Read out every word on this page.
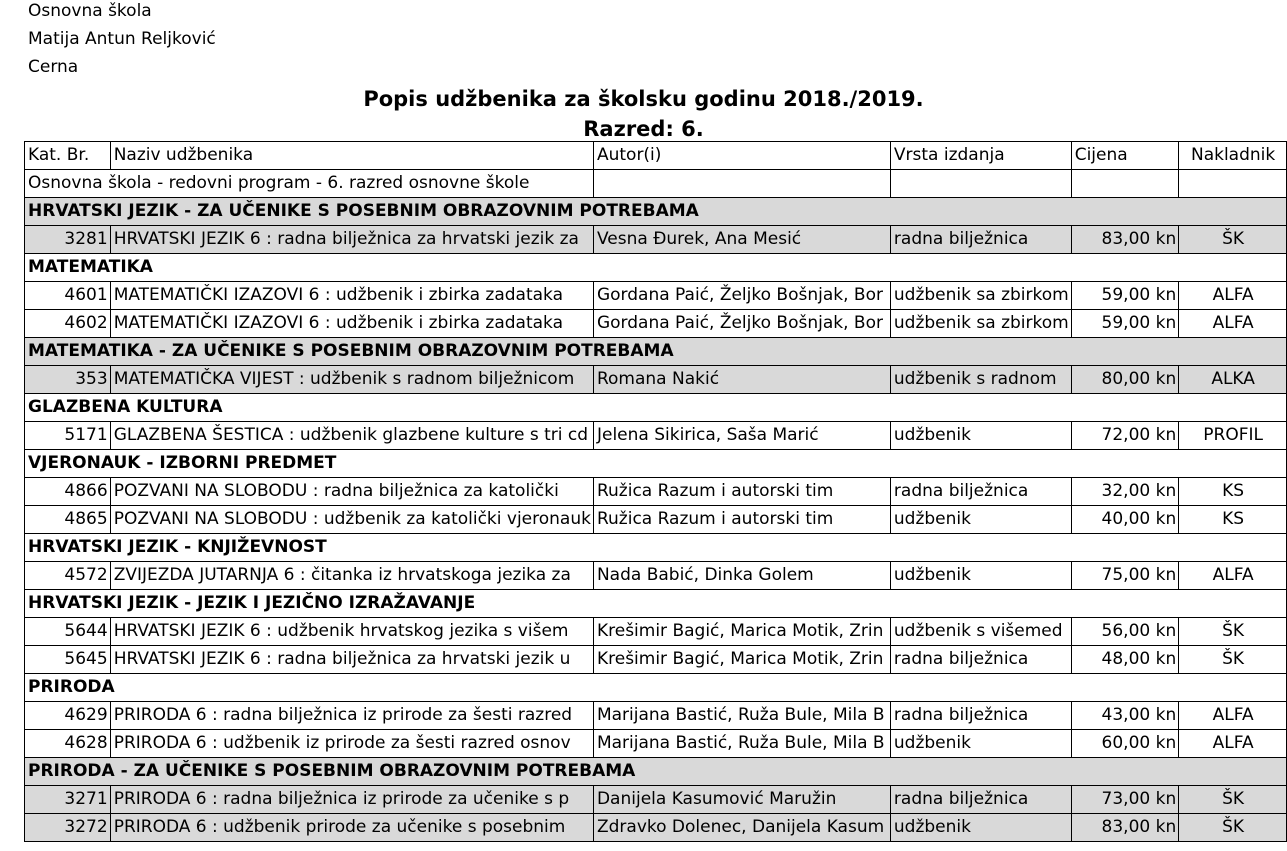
Osnovna škola
Matija Antun Reljković
Cerna
Popis udžbenika za školsku godinu 2018./2019.
Razred: 6.
Kat. Br.	Naziv udžbenika	Autor(i)	Vrsta izdanja	Cijena	Nakladnik
Osnovna škola - redovni program - 6. razred osnovne škole					
HRVATSKI JEZIK - ZA UČENIKE S POSEBNIM OBRAZOVNIM POTREBAMA					
3281	HRVATSKI JEZIK 6 : radna bilježnica za hrvatski jezik za	Vesna Đurek, Ana Mesić	radna bilježnica	83,00 kn	ŠK
MATEMATIKA					
4601	MATEMATIČKI IZAZOVI 6 : udžbenik i zbirka zadataka	Gordana Paić, Željko Bošnjak, Bor	udžbenik sa zbirkom	59,00 kn	ALFA
4602	MATEMATIČKI IZAZOVI 6 : udžbenik i zbirka zadataka	Gordana Paić, Željko Bošnjak, Bor	udžbenik sa zbirkom	59,00 kn	ALFA
MATEMATIKA - ZA UČENIKE S POSEBNIM OBRAZOVNIM POTREBAMA					
353	MATEMATIČKA VIJEST : udžbenik s radnom bilježnicom	Romana Nakić	udžbenik s radnom	80,00 kn	ALKA
GLAZBENA KULTURA					
5171	GLAZBENA ŠESTICA : udžbenik glazbene kulture s tri cd	Jelena Sikirica, Saša Marić	udžbenik	72,00 kn	PROFIL
VJERONAUK - IZBORNI PREDMET					
4866	POZVANI NA SLOBODU : radna bilježnica za katolički	Ružica Razum i autorski tim	radna bilježnica	32,00 kn	KS
4865	POZVANI NA SLOBODU : udžbenik za katolički vjeronauk	Ružica Razum i autorski tim	udžbenik	40,00 kn	KS
HRVATSKI JEZIK - KNJIŽEVNOST					
4572	ZVIJEZDA JUTARNJA 6 : čitanka iz hrvatskoga jezika za	Nada Babić, Dinka Golem	udžbenik	75,00 kn	ALFA
HRVATSKI JEZIK - JEZIK I JEZIČNO IZRAŽAVANJE					
5644	HRVATSKI JEZIK 6 : udžbenik hrvatskog jezika s višem	Krešimir Bagić, Marica Motik, Zrin	udžbenik s višemed	56,00 kn	ŠK
5645	HRVATSKI JEZIK 6 : radna bilježnica za hrvatski jezik u	Krešimir Bagić, Marica Motik, Zrin	radna bilježnica	48,00 kn	ŠK
PRIRODA					
4629	PRIRODA 6 : radna bilježnica iz prirode za šesti razred	Marijana Bastić, Ruža Bule, Mila B	radna bilježnica	43,00 kn	ALFA
4628	PRIRODA 6 : udžbenik iz prirode za šesti razred osnov	Marijana Bastić, Ruža Bule, Mila B	udžbenik	60,00 kn	ALFA
PRIRODA - ZA UČENIKE S POSEBNIM OBRAZOVNIM POTREBAMA					
3271	PRIRODA 6 : radna bilježnica iz prirode za učenike s p	Danijela Kasumović Maružin	radna bilježnica	73,00 kn	ŠK
3272	PRIRODA 6 : udžbenik prirode za učenike s posebnim	Zdravko Dolenec, Danijela Kasum	udžbenik	83,00 kn	ŠK
